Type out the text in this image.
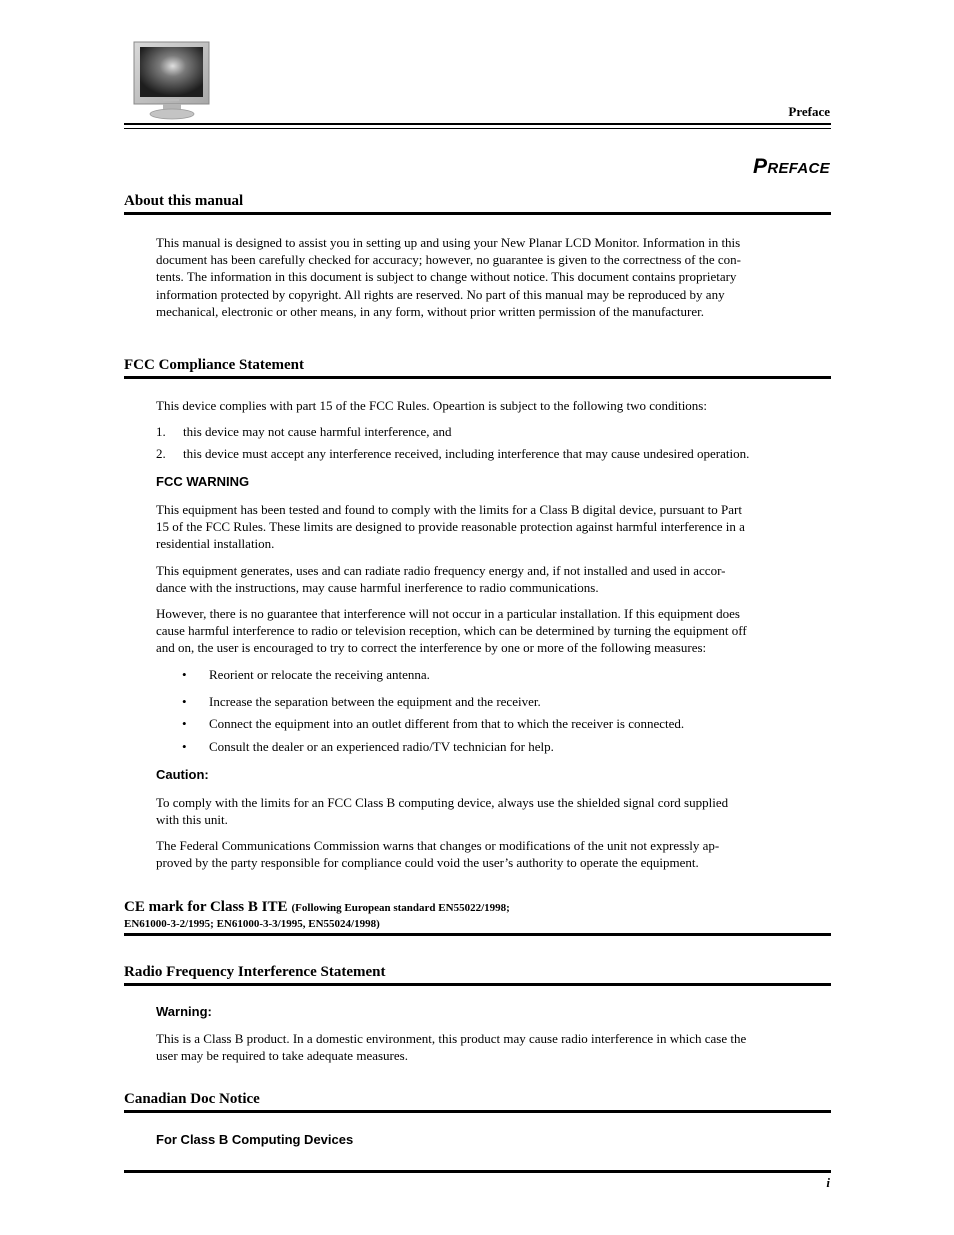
Preface
PREFACE
About this manual
This manual is designed to assist you in setting up and using your New Planar LCD Monitor. Information in this
document has been carefully checked for accuracy; however, no guarantee is given to the correctness of the con-
tents. The information in this document is subject to change without notice. This document contains proprietary
information protected by copyright. All rights are reserved. No part of this manual may be reproduced by any
mechanical, electronic or other means, in any form, without prior written permission of the manufacturer.
FCC Compliance Statement
This device complies with part 15 of the FCC Rules. Opeartion is subject to the following two conditions:
1. this device may not cause harmful interference, and
2. this device must accept any interference received, including interference that may cause undesired operation.
FCC WARNING
This equipment has been tested and found to comply with the limits for a Class B digital device, pursuant to Part
15 of the FCC Rules. These limits are designed to provide reasonable protection against harmful interference in a
residential installation.
This equipment generates, uses and can radiate radio frequency energy and, if not installed and used in accor-
dance with the instructions, may cause harmful inerference to radio communications.
However, there is no guarantee that interference will not occur in a particular installation. If this equipment does
cause harmful interference to radio or television reception, which can be determined by turning the equipment off
and on, the user is encouraged to try to correct the interference by one or more of the following measures:
• Reorient or relocate the receiving antenna.
• Increase the separation between the equipment and the receiver.
• Connect the equipment into an outlet different from that to which the receiver is connected.
• Consult the dealer or an experienced radio/TV technician for help.
Caution:
To comply with the limits for an FCC Class B computing device, always use the shielded signal cord supplied
with this unit.
The Federal Communications Commission warns that changes or modifications of the unit not expressly ap-
proved by the party responsible for compliance could void the user’s authority to operate the equipment.
CE mark for Class B ITE (Following European standard EN55022/1998;
EN61000-3-2/1995; EN61000-3-3/1995, EN55024/1998)
Radio Frequency Interference Statement
Warning:
This is a Class B product. In a domestic environment, this product may cause radio interference in which case the
user may be required to take adequate measures.
Canadian Doc Notice
For Class B Computing Devices
i
